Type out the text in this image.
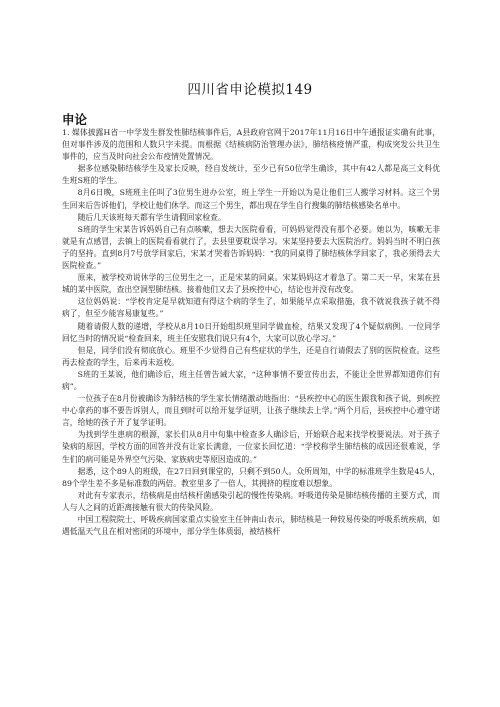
四川省申论模拟149
申论

1. 媒体披露H省一中学发生群发性肺结核事件后，A县政府官网于2017年11月16日中午通报证实确有此事，但对事件涉及的范围和人数只字未提。而根据《结核病防治管理办法》，肺结核疫情严重，构成突发公共卫生事件的，应当及时向社会公布疫情处置情况。

据多位感染肺结核学生及家长反映，经自发统计，至少已有50位学生确诊，其中有42人都是高三文科优生班S班的学生。

8月6日晚，S班班主任叫了3位男生进办公室，班上学生一开始以为是让他们三人搬学习材料。这三个男生回来后告诉他们，学校让他们休学。而这三个男生，都出现在学生自行搜集的肺结核感染名单中。

随后几天该班每天都有学生请假回家检查。

S班的学生宋某告诉妈妈自己有点咳嗽，想去大医院看看，可妈妈觉得没有那个必要。她以为，咳嗽无非就是有点感冒，去镇上的医院看看就行了，去县里要耽误学习。宋某坚持要去大医院治疗。妈妈当时不明白孩子的坚持。直到8月7号放学回家后，宋某才哭着告诉妈妈：“我的同桌得了肺结核休学回家了，我必须得去大医院检查。”

原来，被学校劝说休学的三位男生之一，正是宋某的同桌。宋某妈妈这才着急了。第二天一早，宋某在县城的某中医院，查出空洞型肺结核。接着他们又去了县疾控中心，结论也并没有改变。

这位妈妈说：“学校肯定是早就知道有得这个病的学生了，如果能早点采取措施，我不就说我孩子就不得病了，但至少能容易康复些。”

随着请假人数的递增，学校从8月10日开始组织班里同学做血检，结果又发现了4个疑似病例。一位同学回忆当时的情况说“检查回来，班主任安慰我们说只有4个，大家可以放心学习。”

但是，同学们没有彻底放心。班里不少觉得自己有些症状的学生，还是自行请假去了别的医院检查。这些再去检查的学生，后来再未返校。

S班的王某说，他们确诊后，班主任曾告诫大家，“这种事情不要宣传出去，不能让全世界都知道你们有病”。

一位孩子在8月份被确诊为肺结核的学生家长情绪激动地指出：“县疾控中心的医生跟我和孩子说，到疾控中心拿药的事不要告诉别人，而且到时可以给开复学证明，让孩子继续去上学。”两个月后，县疾控中心遵守诺言，给她的孩子开了复学证明。

为找到学生患病的根源，家长们从8月中旬集中检查多人确诊后，开始联合起来找学校要说法。对于孩子染病的原因，学校方面的回答并没有让家长满意，一位家长回忆道：“学校称学生肺结核的成因还很难说，学生们的病可能是外界空气污染、家族病史等原因造成的。”

据悉，这个89人的班级，在27日回到课堂的，只剩不到50人。众所周知，中学的标准班学生数是45人，89个学生差不多是标准数的两倍。教室里多了一倍人，其拥挤的程度难以想象。

对此有专家表示，结核病是由结核杆菌感染引起的慢性传染病。呼吸道传染是肺结核传播的主要方式，而人与人之间的近距离接触有很大的传染风险。

中国工程院院士、呼吸疾病国家重点实验室主任钟南山表示，肺结核是一种较易传染的呼吸系统疾病，如遇低温天气且在相对密闭的环境中，部分学生体质弱，被结核杆
